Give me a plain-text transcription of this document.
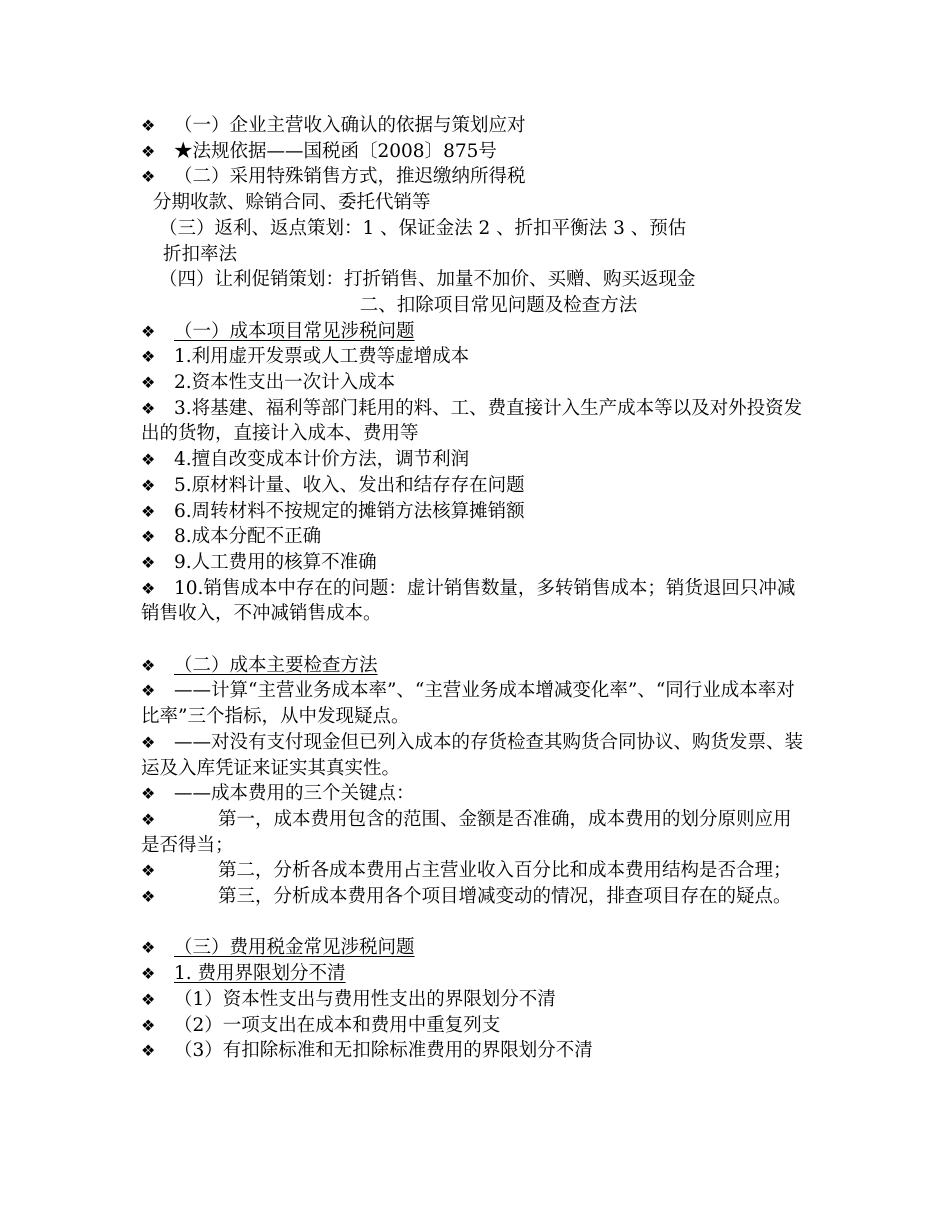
❖ （一）企业主营收入确认的依据与策划应对
❖ ★法规依据——国税函〔2008〕875号
❖ （二）采用特殊销售方式，推迟缴纳所得税
分期收款、赊销合同、委托代销等
（三）返利、返点策划：1 、保证金法 2 、折扣平衡法 3 、预估
折扣率法
（四）让利促销策划：打折销售、加量不加价、买赠、购买返现金
二、扣除项目常见问题及检查方法
❖ （一）成本项目常见涉税问题
❖ 1.利用虚开发票或人工费等虚增成本
❖ 2.资本性支出一次计入成本
❖ 3.将基建、福利等部门耗用的料、工、费直接计入生产成本等以及对外投资发出的货物，直接计入成本、费用等
❖ 4.擅自改变成本计价方法，调节利润
❖ 5.原材料计量、收入、发出和结存存在问题
❖ 6.周转材料不按规定的摊销方法核算摊销额
❖ 8.成本分配不正确
❖ 9.人工费用的核算不准确
❖ 10.销售成本中存在的问题：虚计销售数量，多转销售成本；销货退回只冲减销售收入，不冲减销售成本。
❖ （二）成本主要检查方法
❖ ——计算“主营业务成本率”、“主营业务成本增减变化率”、“同行业成本率对比率”三个指标，从中发现疑点。
❖ ——对没有支付现金但已列入成本的存货检查其购货合同协议、购货发票、装运及入库凭证来证实其真实性。
❖ ——成本费用的三个关键点：
❖	第一，成本费用包含的范围、金额是否准确，成本费用的划分原则应用是否得当；
❖	第二，分析各成本费用占主营业收入百分比和成本费用结构是否合理；
❖	第三，分析成本费用各个项目增减变动的情况，排查项目存在的疑点。
❖ （三）费用税金常见涉税问题
❖ 1. 费用界限划分不清
❖ （1）资本性支出与费用性支出的界限划分不清
❖ （2）一项支出在成本和费用中重复列支
❖ （3）有扣除标准和无扣除标准费用的界限划分不清
